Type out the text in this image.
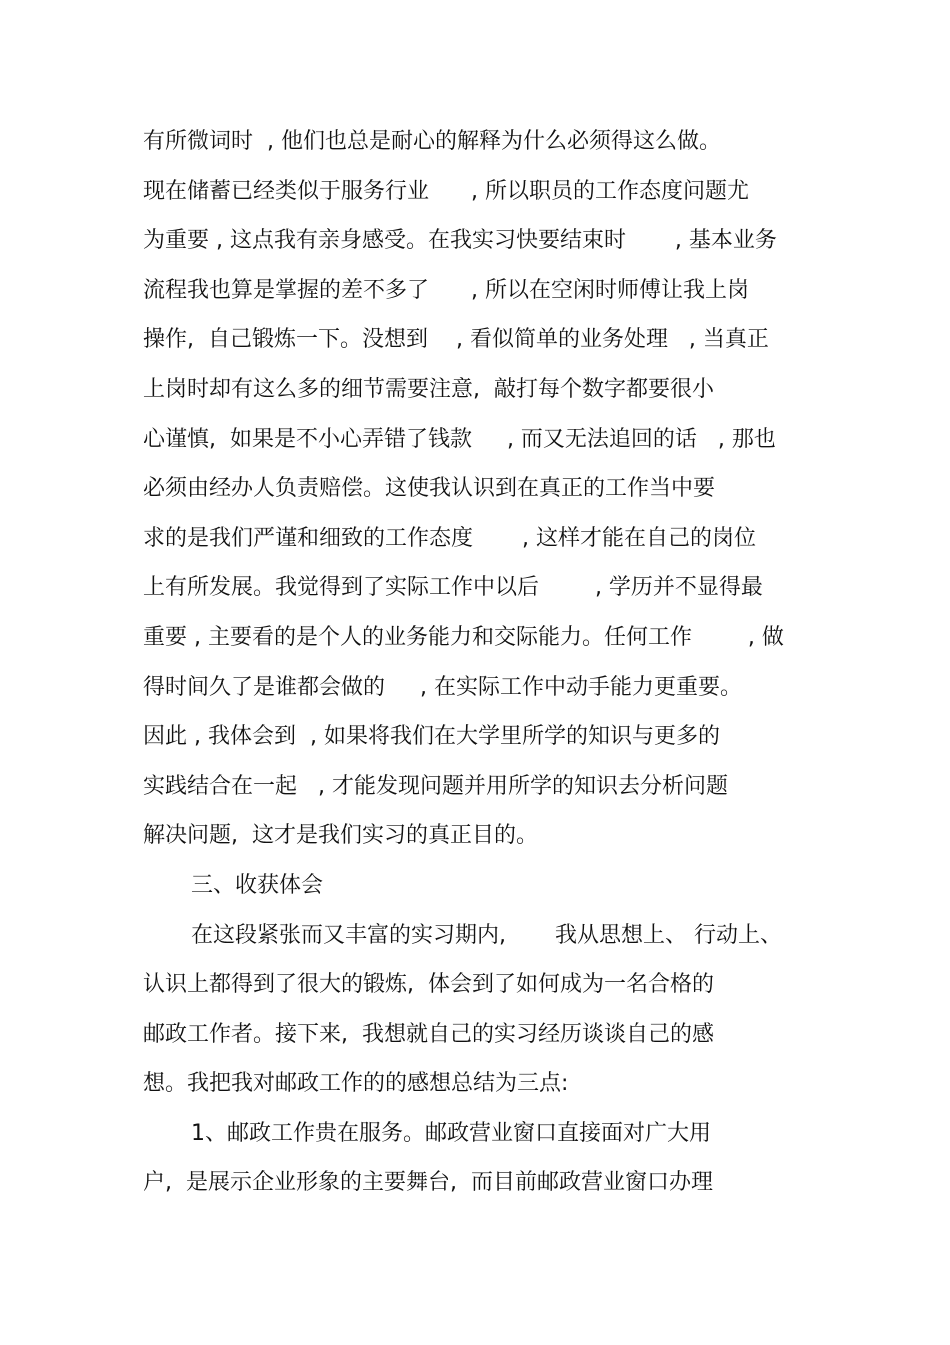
有所微词时  , 他们也总是耐心的解释为什么必须得这么做。
现在储蓄已经类似于服务行业      , 所以职员的工作态度问题尤
为重要 , 这点我有亲身感受。在我实习快要结束时       , 基本业务
流程我也算是掌握的差不多了      , 所以在空闲时师傅让我上岗
操作,  自己锻炼一下。没想到    , 看似简单的业务处理   , 当真正
上岗时却有这么多的细节需要注意,  敲打每个数字都要很小
心谨慎,  如果是不小心弄错了钱款     , 而又无法追回的话   , 那也
必须由经办人负责赔偿。这使我认识到在真正的工作当中要
求的是我们严谨和细致的工作态度       , 这样才能在自己的岗位
上有所发展。我觉得到了实际工作中以后        , 学历并不显得最
重要 , 主要看的是个人的业务能力和交际能力。任何工作        , 做
得时间久了是谁都会做的     , 在实际工作中动手能力更重要。
因此 , 我体会到  , 如果将我们在大学里所学的知识与更多的
实践结合在一起   , 才能发现问题并用所学的知识去分析问题
解决问题,  这才是我们实习的真正目的。
三、收获体会
在这段紧张而又丰富的实习期内,       我从思想上、 行动上、
认识上都得到了很大的锻炼,  体会到了如何成为一名合格的
邮政工作者。接下来,  我想就自己的实习经历谈谈自己的感
想。我把我对邮政工作的的感想总结为三点:
1、邮政工作贵在服务。邮政营业窗口直接面对广大用
户,  是展示企业形象的主要舞台,  而目前邮政营业窗口办理
